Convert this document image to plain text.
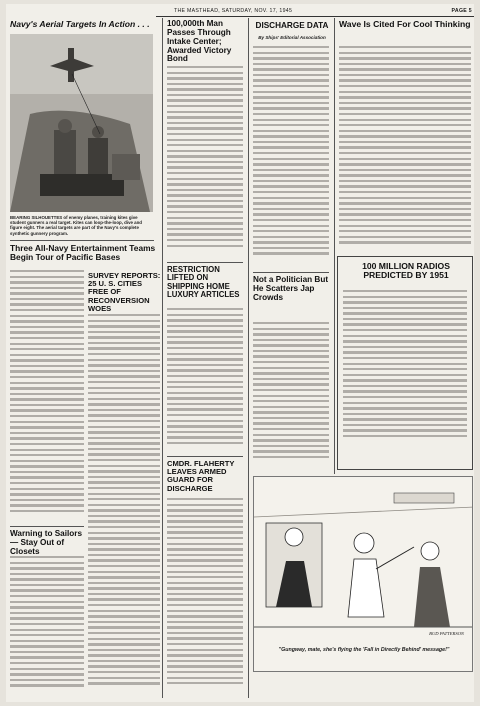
THE MASTHEAD, SATURDAY, NOV. 17, 1945	PAGE 5
Navy's Aerial Targets In Action . . .
BEARING SILHOUETTES of enemy planes, training kites give student gunners a real target. Kites can loop-the-loop, dive and figure eight. The aerial targets are part of the Navy's complete synthetic gunnery program.
Three All-Navy Entertainment Teams Begin Tour of Pacific Bases
SURVEY REPORTS: 25 U. S. CITIES FREE OF RECONVERSION WOES
Warning to Sailors— Stay Out of Closets
100,000th Man Passes Through Intake Center; Awarded Victory Bond
RESTRICTION LIFTED ON SHIPPING HOME LUXURY ARTICLES
CMDR. FLAHERTY LEAVES ARMED GUARD FOR DISCHARGE
DISCHARGE DATA
By Ships' Editorial Association
Not a Politician But He Scatters Jap Crowds
Wave Is Cited For Cool Thinking
100 MILLION RADIOS PREDICTED BY 1951
BUD PATTERSON
"Gungway, mate, she's flying the 'Fall in Directly Behind' message!"
